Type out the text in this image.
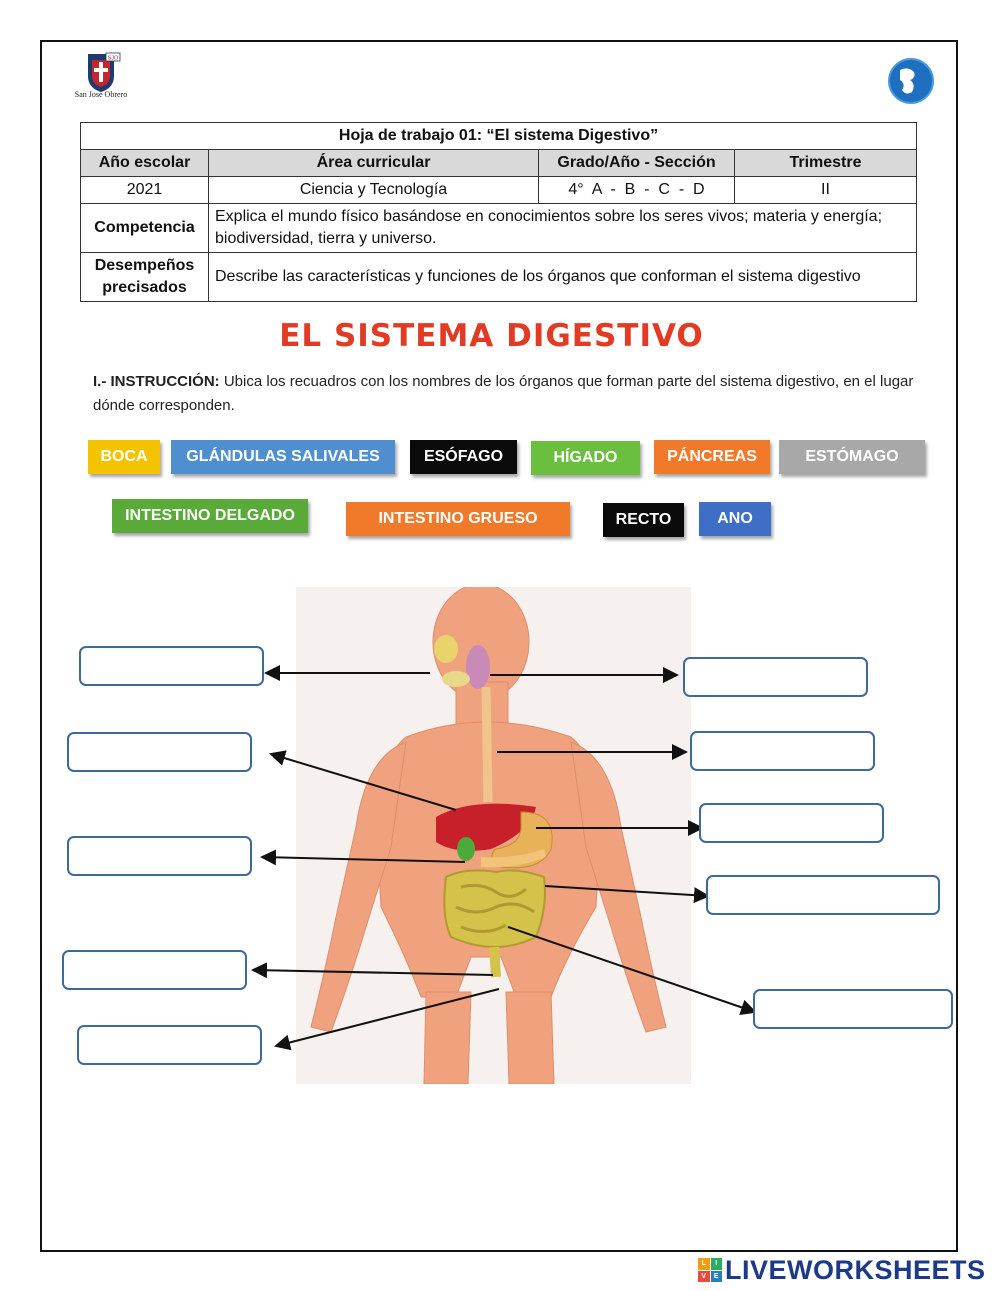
SJO
San José Obrero
Hoja de trabajo 01: “El sistema Digestivo”			
Año escolar	Área curricular	Grado/Año - Sección	Trimestre
2021	Ciencia y Tecnología	4°  A  -  B  -  C  -  D	II
Competencia	Explica el mundo físico basándose en conocimientos sobre los seres vivos; materia y energía; biodiversidad, tierra y universo.		
Desempeños precisados	Describe las características y funciones de los órganos que conforman el sistema digestivo		
EL SISTEMA DIGESTIVO
I.- INSTRUCCIÓN: Ubica los recuadros con los nombres de los órganos que forman parte del sistema digestivo, en el lugar dónde corresponden.
BOCA	GLÁNDULAS SALIVALES	ESÓFAGO	HÍGADO	PÁNCREAS	ESTÓMAGO
INTESTINO DELGADO	INTESTINO GRUESO	RECTO	ANO
L	I
V	E LIVEWORKSHEETS
